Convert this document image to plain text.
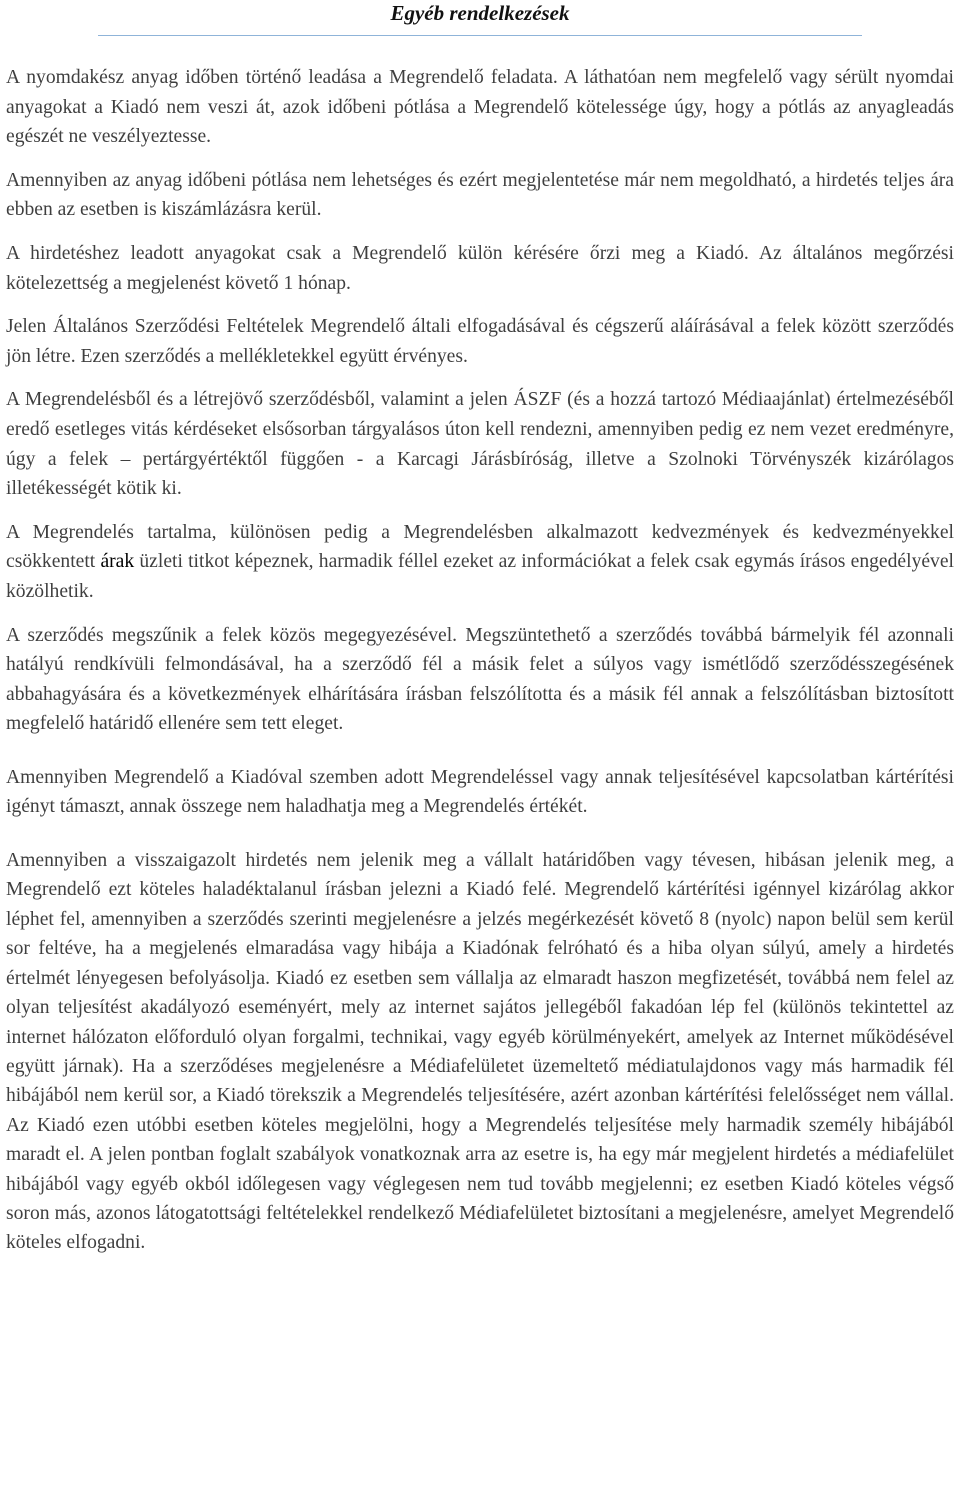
Egyéb rendelkezések

A nyomdakész anyag időben történő leadása a Megrendelő feladata. A láthatóan nem megfelelő vagy sérült nyomdai anyagokat a Kiadó nem veszi át, azok időbeni pótlása a Megrendelő kötelessége úgy, hogy a pótlás az anyagleadás egészét ne veszélyeztesse.

Amennyiben az anyag időbeni pótlása nem lehetséges és ezért megjelentetése már nem megoldható, a hirdetés teljes ára ebben az esetben is kiszámlázásra kerül.

A hirdetéshez leadott anyagokat csak a Megrendelő külön kérésére őrzi meg a Kiadó. Az általános megőrzési kötelezettség a megjelenést követő 1 hónap.

Jelen Általános Szerződési Feltételek Megrendelő általi elfogadásával és cégszerű aláírásával a felek között szerződés jön létre. Ezen szerződés a mellékletekkel együtt érvényes.

A Megrendelésből és a létrejövő szerződésből, valamint a jelen ÁSZF (és a hozzá tartozó Médiaajánlat) értelmezéséből eredő esetleges vitás kérdéseket elsősorban tárgyalásos úton kell rendezni, amennyiben pedig ez nem vezet eredményre, úgy a felek – pertárgyértéktől függően - a Karcagi Járásbíróság, illetve a Szolnoki Törvényszék kizárólagos illetékességét kötik ki.

A Megrendelés tartalma, különösen pedig a Megrendelésben alkalmazott kedvezmények és kedvezményekkel csökkentett árak üzleti titkot képeznek, harmadik féllel ezeket az információkat a felek csak egymás írásos engedélyével közölhetik.

A szerződés megszűnik a felek közös megegyezésével. Megszüntethető a szerződés továbbá bármelyik fél azonnali hatályú rendkívüli felmondásával, ha a szerződő fél a másik felet a súlyos vagy ismétlődő szerződésszegésének abbahagyására és a következmények elhárítására írásban felszólította és a másik fél annak a felszólításban biztosított megfelelő határidő ellenére sem tett eleget.

Amennyiben Megrendelő a Kiadóval szemben adott Megrendeléssel vagy annak teljesítésével kapcsolatban kártérítési igényt támaszt, annak összege nem haladhatja meg a Megrendelés értékét.

Amennyiben a visszaigazolt hirdetés nem jelenik meg a vállalt határidőben vagy tévesen, hibásan jelenik meg, a Megrendelő ezt köteles haladéktalanul írásban jelezni a Kiadó felé. Megrendelő kártérítési igénnyel kizárólag akkor léphet fel, amennyiben a szerződés szerinti megjelenésre a jelzés megérkezését követő 8 (nyolc) napon belül sem kerül sor feltéve, ha a megjelenés elmaradása vagy hibája a Kiadónak felróható és a hiba olyan súlyú, amely a hirdetés értelmét lényegesen befolyásolja. Kiadó ez esetben sem vállalja az elmaradt haszon megfizetését, továbbá nem felel az olyan teljesítést akadályozó eseményért, mely az internet sajátos jellegéből fakadóan lép fel (különös tekintettel az internet hálózaton előforduló olyan forgalmi, technikai, vagy egyéb körülményekért, amelyek az Internet működésével együtt járnak). Ha a szerződéses megjelenésre a Médiafelületet üzemeltető médiatulajdonos vagy más harmadik fél hibájából nem kerül sor, a Kiadó törekszik a Megrendelés teljesítésére, azért azonban kártérítési felelősséget nem vállal. Az Kiadó ezen utóbbi esetben köteles megjelölni, hogy a Megrendelés teljesítése mely harmadik személy hibájából maradt el. A jelen pontban foglalt szabályok vonatkoznak arra az esetre is, ha egy már megjelent hirdetés a médiafelület hibájából vagy egyéb okból időlegesen vagy véglegesen nem tud tovább megjelenni; ez esetben Kiadó köteles végső soron más, azonos látogatottsági feltételekkel rendelkező Médiafelületet biztosítani a megjelenésre, amelyet Megrendelő köteles elfogadni.
